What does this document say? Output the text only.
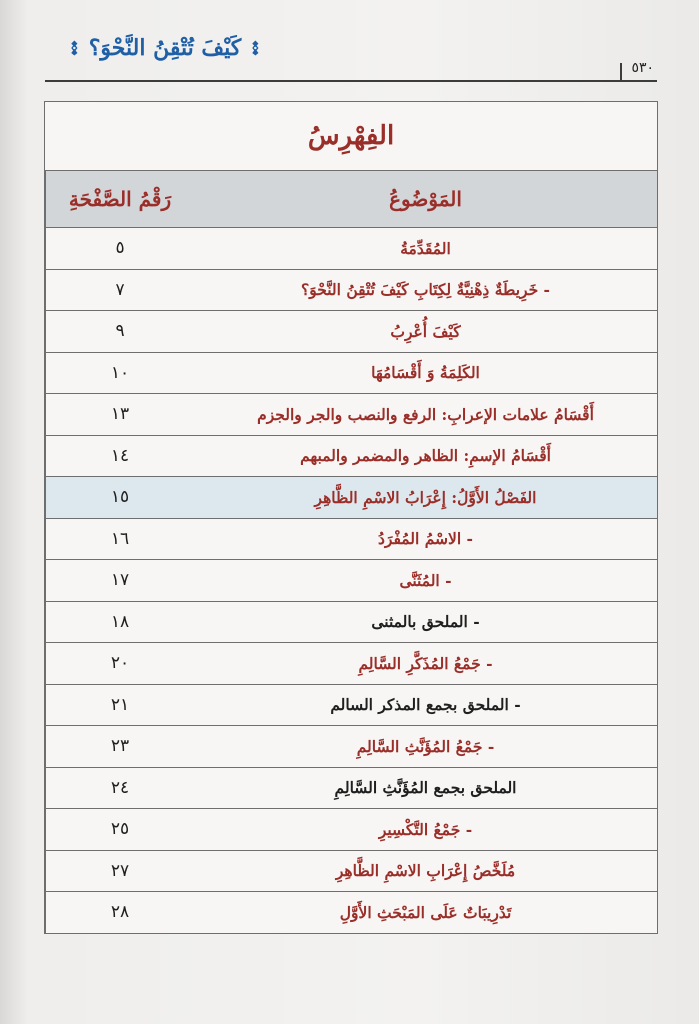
كَيْفَ تُتْقِنُ النَّحْوَ؟
٥٣٠
الفِهْرِسُ
المَوْضُوعُ
رَقْمُ الصَّفْحَةِ
المُقَدِّمَةُ
٥
- خَرِيطَةٌ ذِهْنِيَّةٌ لِكِتَابِ كَيْفَ تُتْقِنُ النَّحْوَ؟
٧
كَيْفَ أُعْرِبُ
٩
الكَلِمَةُ وَ أَقْسَامُهَا
١٠
أَقْسَامُ علامات الإعرابِ: الرفع والنصب والجر والجزم
١٣
أَقْسَامُ الإسمِ: الظاهر والمضمر والمبهم
١٤
الفَصْلُ الأَوَّلُ: إِعْرَابُ الاسْمِ الظَّاهِرِ
١٥
- الاسْمُ المُفْرَدُ
١٦
- المُثَنَّى
١٧
- الملحق بالمثنى
١٨
- جَمْعُ المُذَكَّرِ السَّالِمِ
٢٠
- الملحق بجمع المذكر السالم
٢١
- جَمْعُ المُؤَنَّثِ السَّالِمِ
٢٣
الملحق بجمع المُؤَنَّثِ السَّالِمِ
٢٤
- جَمْعُ التَّكْسِيرِ
٢٥
مُلَخَّصُ إِعْرَابِ الاسْمِ الظَّاهِرِ
٢٧
تَدْرِيبَاتٌ عَلَى المَبْحَثِ الأَوَّلِ
٢٨
